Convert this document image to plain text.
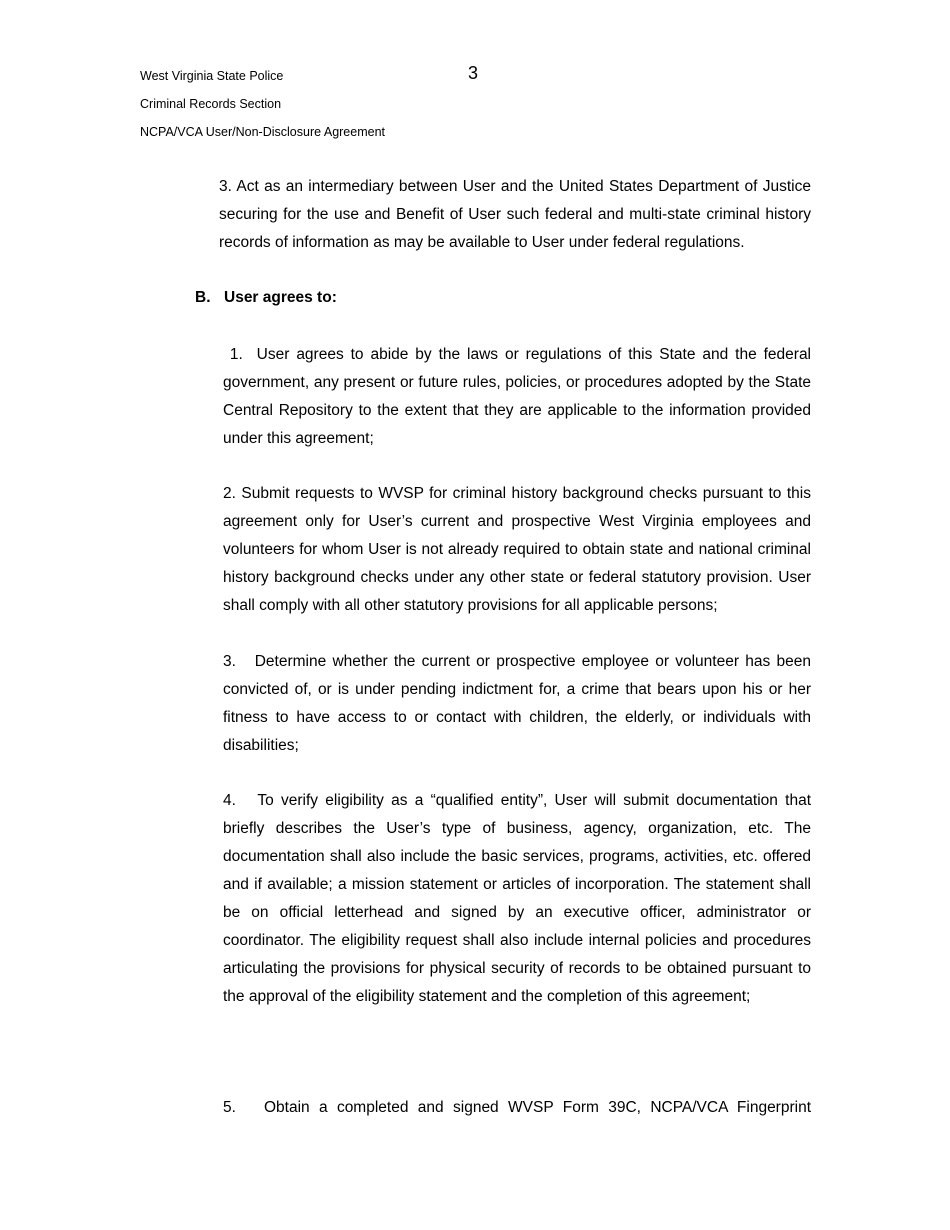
3
West Virginia State Police
Criminal Records Section
NCPA/VCA User/Non-Disclosure Agreement
3. Act as an intermediary between User and the United States Department of Justice securing for the use and Benefit of User such federal and multi-state criminal history records of information as may be available to User under federal regulations.
B. User agrees to:
1.  User agrees to abide by the laws or regulations of this State and the federal government, any present or future rules, policies, or procedures adopted by the State Central Repository to the extent that they are applicable to the information provided under this agreement;
2. Submit requests to WVSP for criminal history background checks pursuant to this agreement only for User’s current and prospective West Virginia employees and volunteers for whom User is not already required to obtain state and national criminal history background checks under any other state or federal statutory provision. User shall comply with all other statutory provisions for all applicable persons;
3.   Determine whether the current or prospective employee or volunteer has been convicted of, or is under pending indictment for, a crime that bears upon his or her fitness to have access to or contact with children, the elderly, or individuals with disabilities;
4.   To verify eligibility as a “qualified entity”, User will submit documentation that briefly describes the User’s type of business, agency, organization, etc. The documentation shall also include the basic services, programs, activities, etc. offered and if available; a mission statement or articles of incorporation. The statement shall be on official letterhead and signed by an executive officer, administrator or coordinator. The eligibility request shall also include internal policies and procedures articulating the provisions for physical security of records to be obtained pursuant to the approval of the eligibility statement and the completion of this agreement;
5.   Obtain a completed and signed WVSP Form 39C, NCPA/VCA Fingerprint
